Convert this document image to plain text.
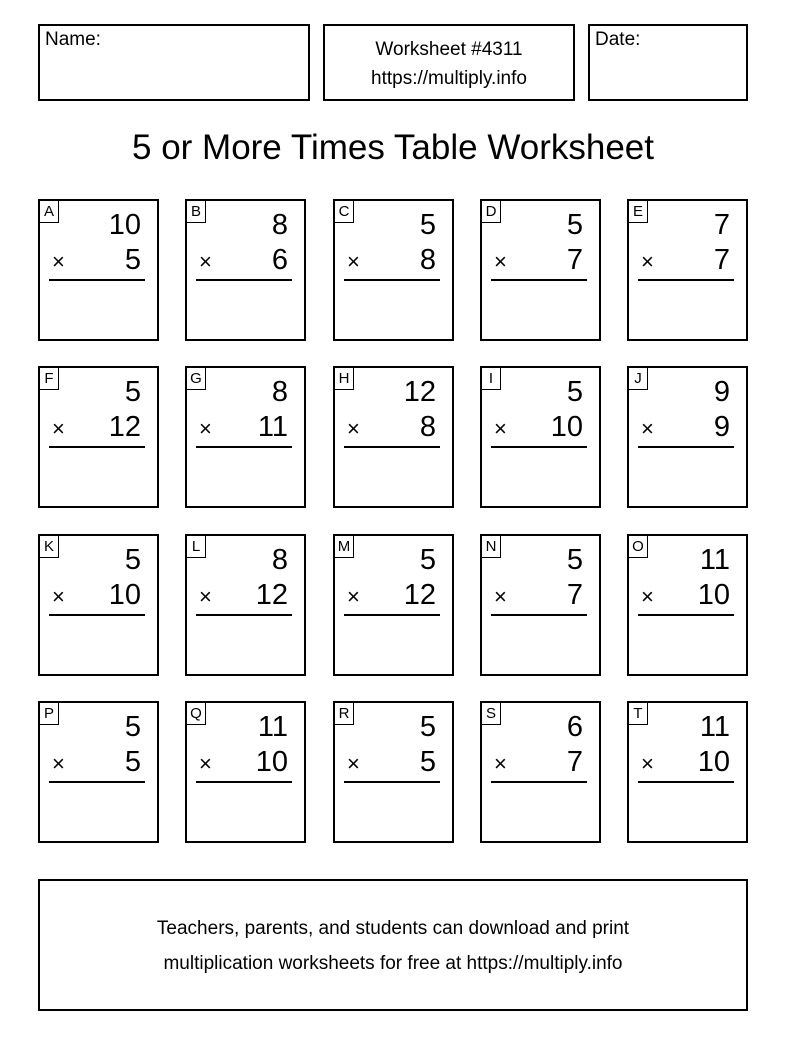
Name:	Worksheet #4311
https://multiply.info
Date:
5 or More Times Table Worksheet
A 10
× 5
B 8
× 6
C 5
× 8
D 5
× 7
E 7
× 7
F 5
× 12
G 8
× 11
H 12
× 8
I	5
× 10
J 9
× 9
K 5
× 10
L 8
× 12
M 5
× 12
N 5
× 7
O 11
× 10
P 5
× 5
Q 11
× 10
R 5
× 5
S 6
× 7
T 11
× 10
Teachers, parents, and students can download and print
multiplication worksheets for free at https://multiply.info
